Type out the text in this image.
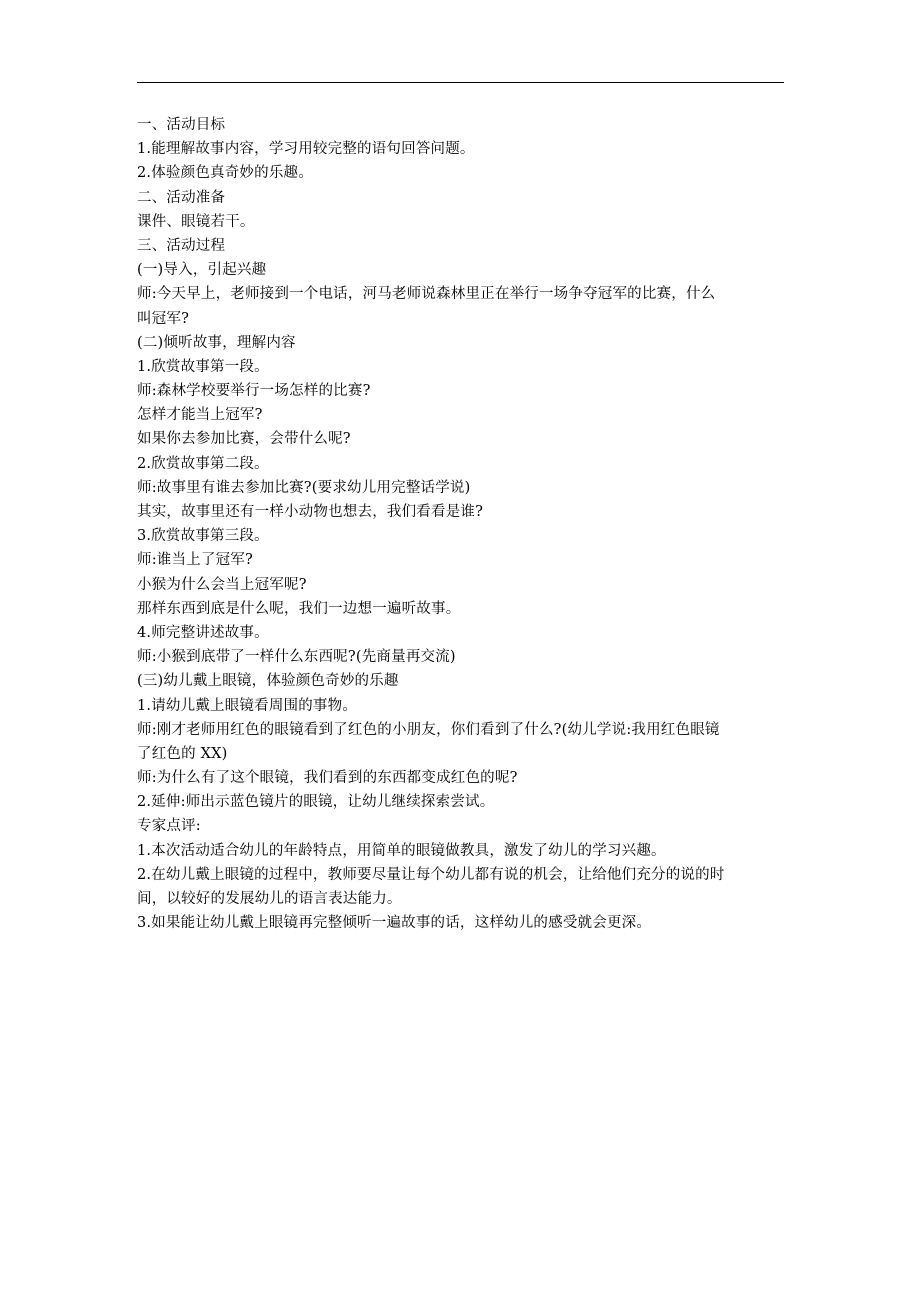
一、活动目标
1.能理解故事内容，学习用较完整的语句回答问题。
2.体验颜色真奇妙的乐趣。
二、活动准备
课件、眼镜若干。
三、活动过程
(一)导入，引起兴趣
师:今天早上，老师接到一个电话，河马老师说森林里正在举行一场争夺冠军的比赛，什么
叫冠军?
(二)倾听故事，理解内容
1.欣赏故事第一段。
师:森林学校要举行一场怎样的比赛?
怎样才能当上冠军?
如果你去参加比赛，会带什么呢?
2.欣赏故事第二段。
师:故事里有谁去参加比赛?(要求幼儿用完整话学说)
其实，故事里还有一样小动物也想去，我们看看是谁?
3.欣赏故事第三段。
师:谁当上了冠军?
小猴为什么会当上冠军呢?
那样东西到底是什么呢，我们一边想一遍听故事。
4.师完整讲述故事。
师:小猴到底带了一样什么东西呢?(先商量再交流)
(三)幼儿戴上眼镜，体验颜色奇妙的乐趣
1.请幼儿戴上眼镜看周围的事物。
师:刚才老师用红色的眼镜看到了红色的小朋友，你们看到了什么?(幼儿学说:我用红色眼镜
了红色的 XX)
师:为什么有了这个眼镜，我们看到的东西都变成红色的呢?
2.延伸:师出示蓝色镜片的眼镜，让幼儿继续探索尝试。
专家点评:
1.本次活动适合幼儿的年龄特点，用简单的眼镜做教具，激发了幼儿的学习兴趣。
2.在幼儿戴上眼镜的过程中，教师要尽量让每个幼儿都有说的机会，让给他们充分的说的时
间，以较好的发展幼儿的语言表达能力。
3.如果能让幼儿戴上眼镜再完整倾听一遍故事的话，这样幼儿的感受就会更深。
